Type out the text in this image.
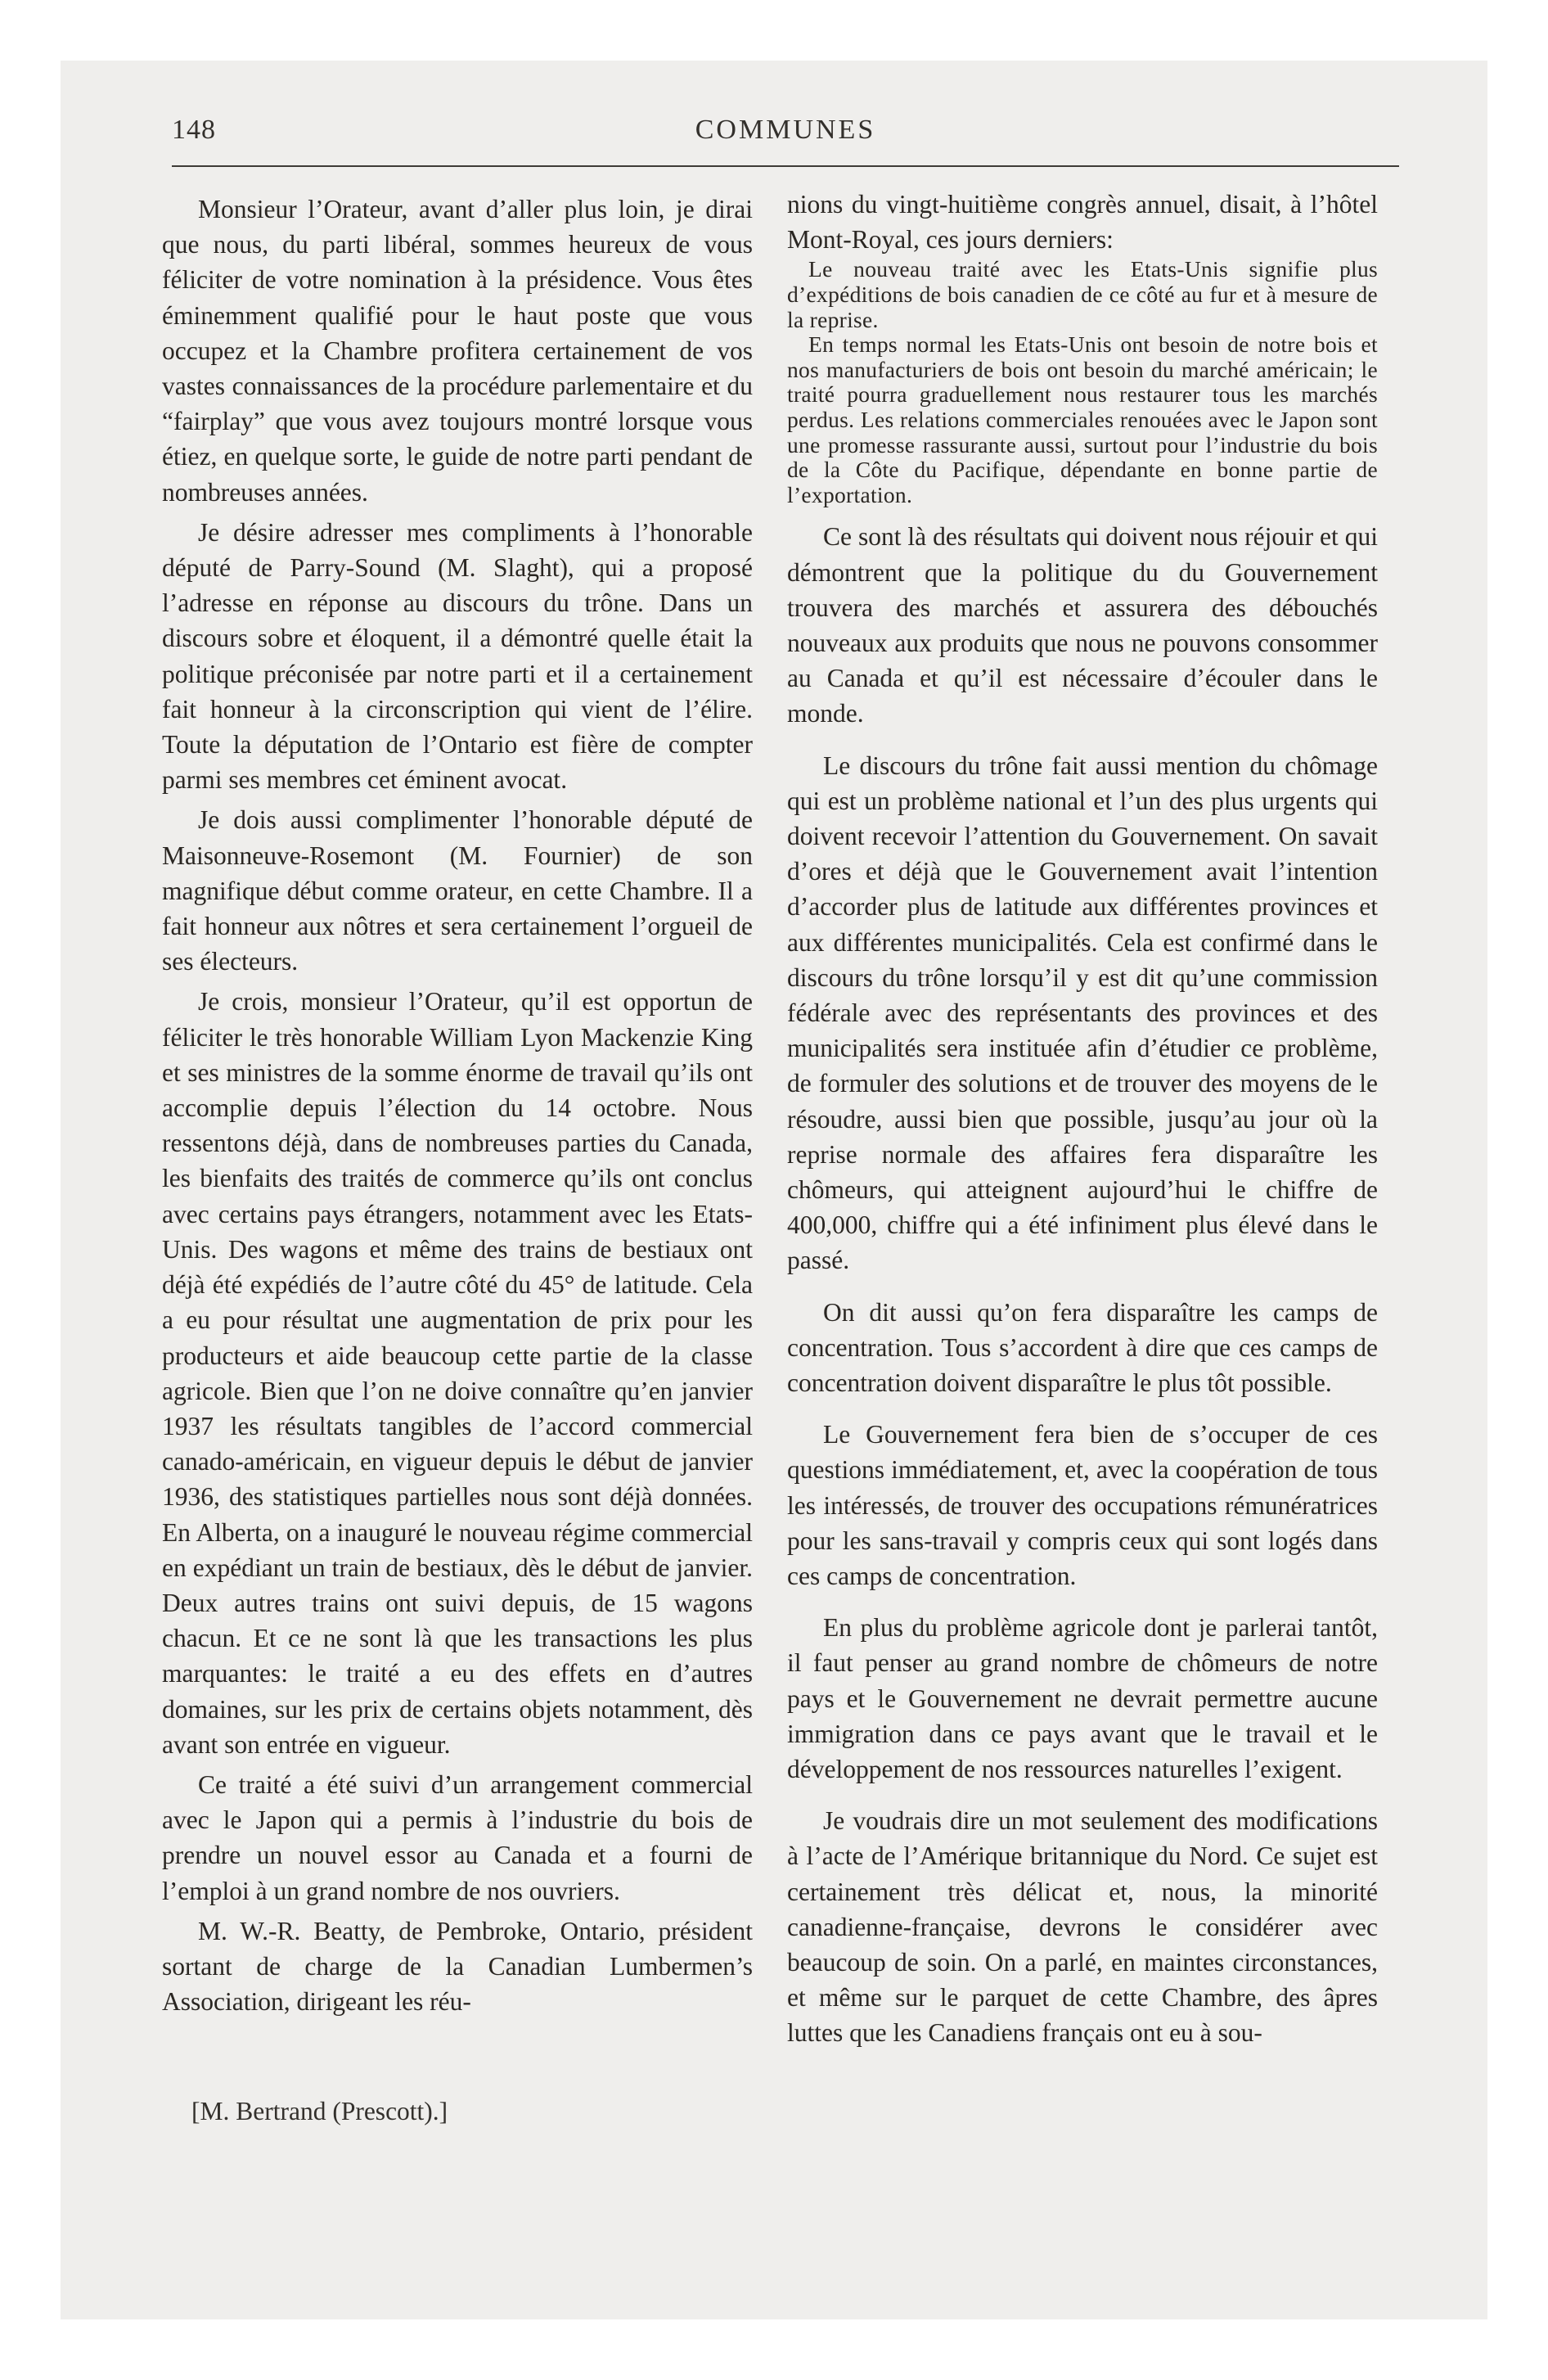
148	COMMUNES

Monsieur l’Orateur, avant d’aller plus loin, je dirai que nous, du parti libéral, sommes heureux de vous féliciter de votre nomination à la présidence. Vous êtes éminemment qualifié pour le haut poste que vous occupez et la Chambre profitera certainement de vos vastes connaissances de la procédure parlementaire et du “fairplay” que vous avez toujours montré lorsque vous étiez, en quelque sorte, le guide de notre parti pendant de nombreuses années.

Je désire adresser mes compliments à l’honorable député de Parry-Sound (M. Slaght), qui a proposé l’adresse en réponse au discours du trône. Dans un discours sobre et éloquent, il a démontré quelle était la politique préconisée par notre parti et il a certainement fait honneur à la circonscription qui vient de l’élire. Toute la députation de l’Ontario est fière de compter parmi ses membres cet éminent avocat.

Je dois aussi complimenter l’honorable député de Maisonneuve-Rosemont (M. Fournier) de son magnifique début comme orateur, en cette Chambre. Il a fait honneur aux nôtres et sera certainement l’orgueil de ses électeurs.

Je crois, monsieur l’Orateur, qu’il est opportun de féliciter le très honorable William Lyon Mackenzie King et ses ministres de la somme énorme de travail qu’ils ont accomplie depuis l’élection du 14 octobre. Nous ressentons déjà, dans de nombreuses parties du Canada, les bienfaits des traités de commerce qu’ils ont conclus avec certains pays étrangers, notamment avec les Etats-Unis. Des wagons et même des trains de bestiaux ont déjà été expédiés de l’autre côté du 45° de latitude. Cela a eu pour résultat une augmentation de prix pour les producteurs et aide beaucoup cette partie de la classe agricole. Bien que l’on ne doive connaître qu’en janvier 1937 les résultats tangibles de l’accord commercial canado-américain, en vigueur depuis le début de janvier 1936, des statistiques partielles nous sont déjà données. En Alberta, on a inauguré le nouveau régime commercial en expédiant un train de bestiaux, dès le début de janvier. Deux autres trains ont suivi depuis, de 15 wagons chacun. Et ce ne sont là que les transactions les plus marquantes: le traité a eu des effets en d’autres domaines, sur les prix de certains objets notamment, dès avant son entrée en vigueur.

Ce traité a été suivi d’un arrangement commercial avec le Japon qui a permis à l’industrie du bois de prendre un nouvel essor au Canada et a fourni de l’emploi à un grand nombre de nos ouvriers.

M. W.-R. Beatty, de Pembroke, Ontario, président sortant de charge de la Canadian Lumbermen’s Association, dirigeant les réu-

[M. Bertrand (Prescott).]

nions du vingt-huitième congrès annuel, disait, à l’hôtel Mont-Royal, ces jours derniers:

Le nouveau traité avec les Etats-Unis signifie plus d’expéditions de bois canadien de ce côté au fur et à mesure de la reprise.

En temps normal les Etats-Unis ont besoin de notre bois et nos manufacturiers de bois ont besoin du marché américain; le traité pourra graduellement nous restaurer tous les marchés perdus. Les relations commerciales renouées avec le Japon sont une promesse rassurante aussi, surtout pour l’industrie du bois de la Côte du Pacifique, dépendante en bonne partie de l’exportation.

Ce sont là des résultats qui doivent nous réjouir et qui démontrent que la politique du du Gouvernement trouvera des marchés et assurera des débouchés nouveaux aux produits que nous ne pouvons consommer au Canada et qu’il est nécessaire d’écouler dans le monde.

Le discours du trône fait aussi mention du chômage qui est un problème national et l’un des plus urgents qui doivent recevoir l’attention du Gouvernement. On savait d’ores et déjà que le Gouvernement avait l’intention d’accorder plus de latitude aux différentes provinces et aux différentes municipalités. Cela est confirmé dans le discours du trône lorsqu’il y est dit qu’une commission fédérale avec des représentants des provinces et des municipalités sera instituée afin d’étudier ce problème, de formuler des solutions et de trouver des moyens de le résoudre, aussi bien que possible, jusqu’au jour où la reprise normale des affaires fera disparaître les chômeurs, qui atteignent aujourd’hui le chiffre de 400,000, chiffre qui a été infiniment plus élevé dans le passé.

On dit aussi qu’on fera disparaître les camps de concentration. Tous s’accordent à dire que ces camps de concentration doivent disparaître le plus tôt possible.

Le Gouvernement fera bien de s’occuper de ces questions immédiatement, et, avec la coopération de tous les intéressés, de trouver des occupations rémunératrices pour les sans-travail y compris ceux qui sont logés dans ces camps de concentration.

En plus du problème agricole dont je parlerai tantôt, il faut penser au grand nombre de chômeurs de notre pays et le Gouvernement ne devrait permettre aucune immigration dans ce pays avant que le travail et le développement de nos ressources naturelles l’exigent.

Je voudrais dire un mot seulement des modifications à l’acte de l’Amérique britannique du Nord. Ce sujet est certainement très délicat et, nous, la minorité canadienne-française, devrons le considérer avec beaucoup de soin. On a parlé, en maintes circonstances, et même sur le parquet de cette Chambre, des âpres luttes que les Canadiens français ont eu à sou-
